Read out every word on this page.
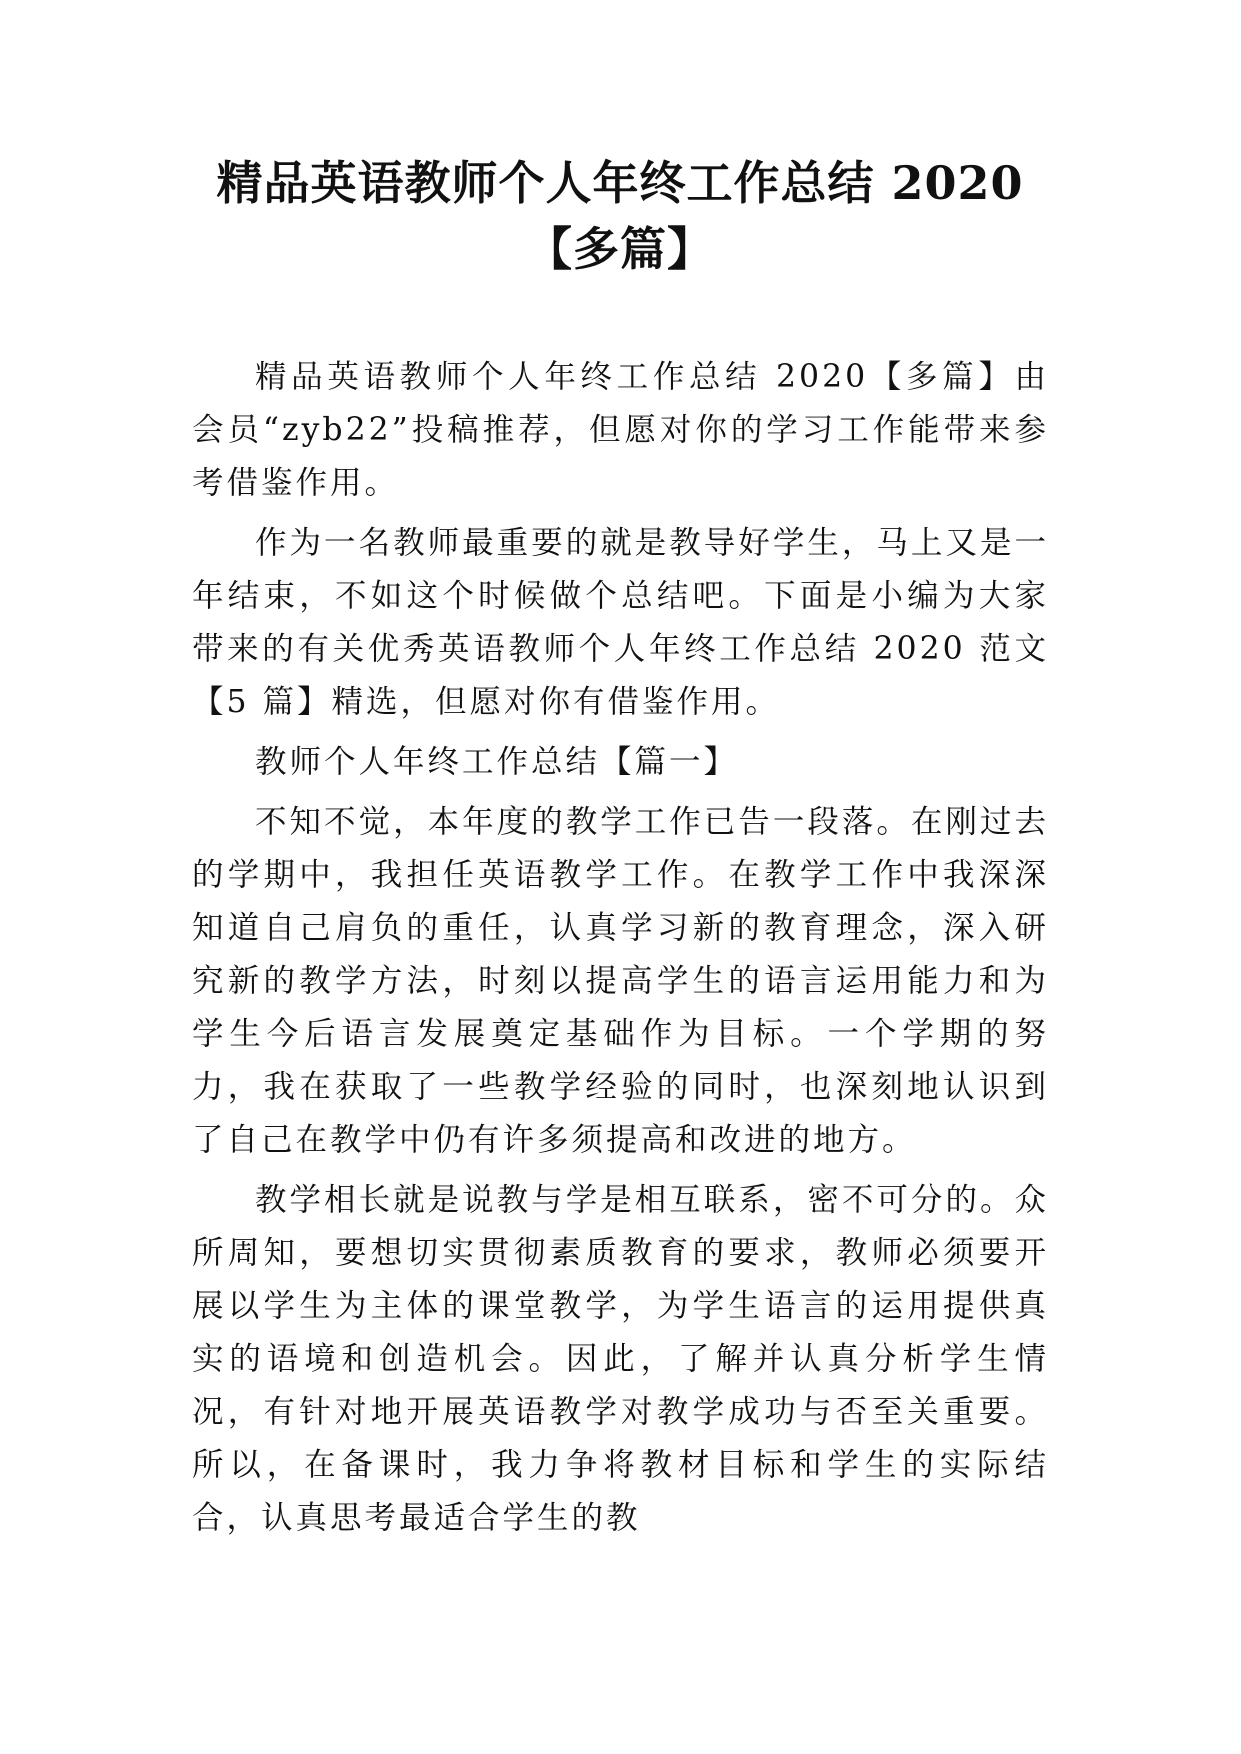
精品英语教师个人年终工作总结 2020【多篇】

精品英语教师个人年终工作总结 2020【多篇】由会员“zyb22”投稿推荐，但愿对你的学习工作能带来参考借鉴作用。

作为一名教师最重要的就是教导好学生，马上又是一年结束，不如这个时候做个总结吧。下面是小编为大家带来的有关优秀英语教师个人年终工作总结 2020 范文【5 篇】精选，但愿对你有借鉴作用。

教师个人年终工作总结【篇一】

不知不觉，本年度的教学工作已告一段落。在刚过去的学期中，我担任英语教学工作。在教学工作中我深深知道自己肩负的重任，认真学习新的教育理念，深入研究新的教学方法，时刻以提高学生的语言运用能力和为学生今后语言发展奠定基础作为目标。一个学期的努力，我在获取了一些教学经验的同时，也深刻地认识到了自己在教学中仍有许多须提高和改进的地方。

教学相长就是说教与学是相互联系，密不可分的。众所周知，要想切实贯彻素质教育的要求，教师必须要开展以学生为主体的课堂教学，为学生语言的运用提供真实的语境和创造机会。因此，了解并认真分析学生情况，有针对地开展英语教学对教学成功与否至关重要。所以，在备课时，我力争将教材目标和学生的实际结合，认真思考最适合学生的教
